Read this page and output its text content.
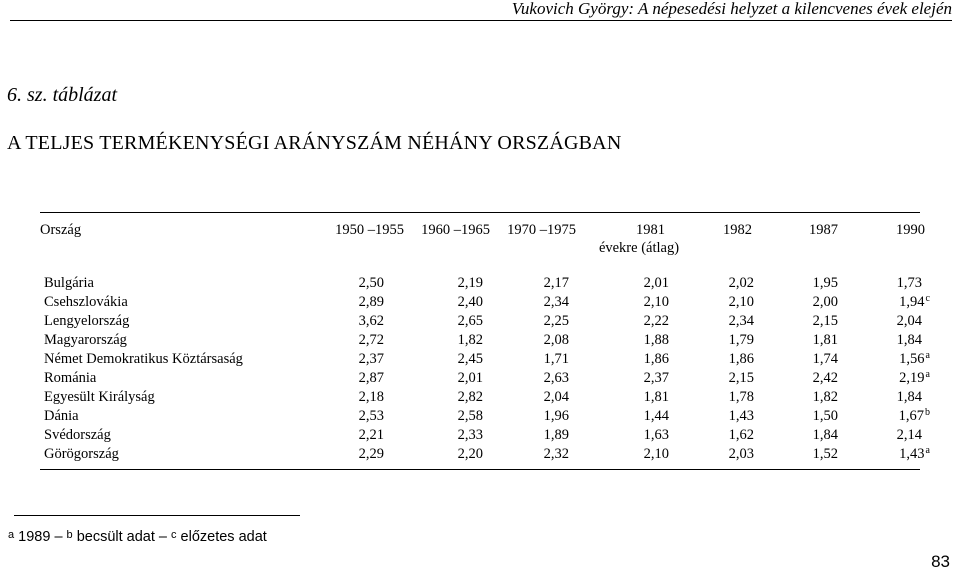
Vukovich György: A népesedési helyzet a kilencvenes évek elején
6. sz. táblázat
A TELJES TERMÉKENYSÉGI ARÁNYSZÁM NÉHÁNY ORSZÁGBAN
Ország	1950 –1955 1960 –1965 1970 –1975	1981	1982	1987	1990
évekre (átlag)
Bulgária	2,50	2,19	2,17	2,01	2,02	1,95	1,73
Csehszlovákia	2,89	2,40	2,34	2,10	2,10	2,00	1,94$^c$
Lengyelország	3,62	2,65	2,25	2,22	2,34	2,15	2,04
Magyarország	2,72	1,82	2,08	1,88	1,79	1,81	1,84
Német Demokratikus Köztársaság	2,37	2,45	1,71	1,86	1,86	1,74	1,56$^a$
Románia	2,87	2,01	2,63	2,37	2,15	2,42	2,19$^a$
Egyesült Királyság	2,18	2,82	2,04	1,81	1,78	1,82	1,84
Dánia	2,53	2,58	1,96	1,44	1,43	1,50	1,67$^b$
Svédország	2,21	2,33	1,89	1,63	1,62	1,84	2,14
Görögország	2,29	2,20	2,32	2,10	2,03	1,52	1,43$^a$
$^a$ 1989 – $^b$ becsült adat – $^c$ előzetes adat
83
